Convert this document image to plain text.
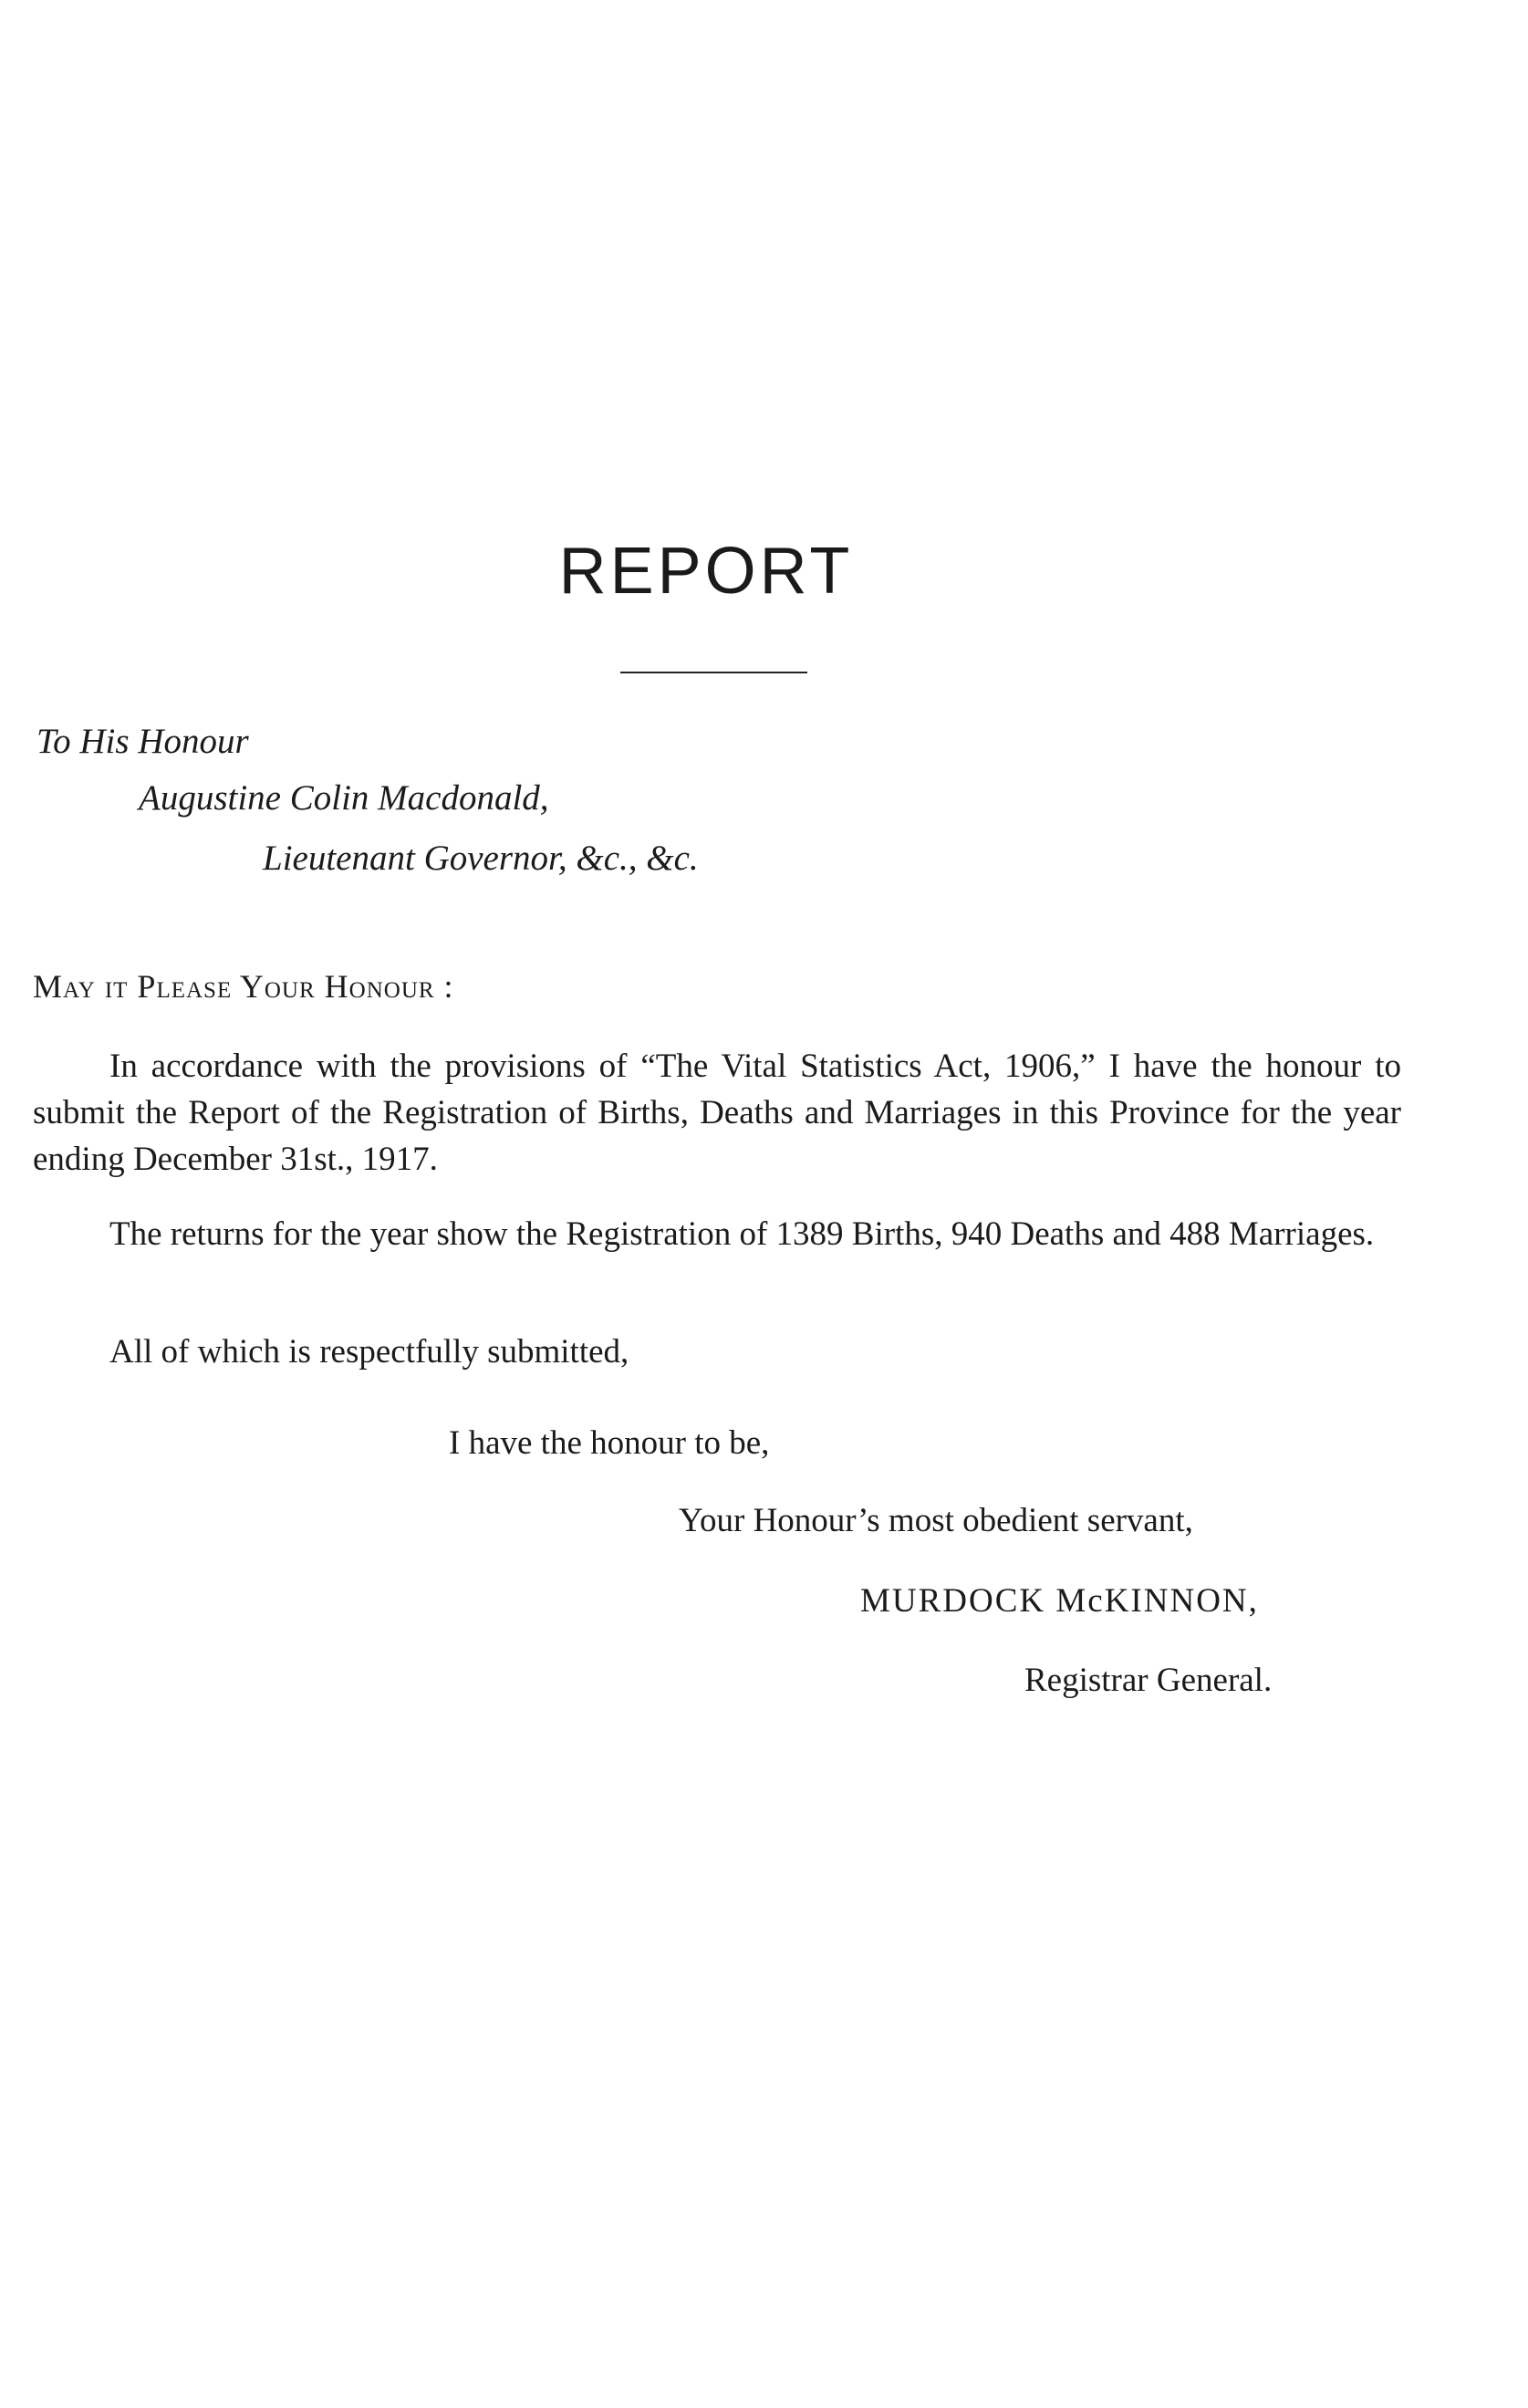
REPORT
To His Honour
Augustine Colin Macdonald,
Lieutenant Governor, &c., &c.
May it Please Your Honour :

In accordance with the provisions of “The Vital Statistics Act, 1906,” I have the honour to submit the Report of the Registration of Births, Deaths and Marriages in this Province for the year ending December 31st., 1917.

The returns for the year show the Registration of 1389 Births, 940 Deaths and 488 Marriages.

All of which is respectfully submitted,

I have the honour to be,

Your Honour’s most obedient servant,

MURDOCK McKINNON,

Registrar General.
